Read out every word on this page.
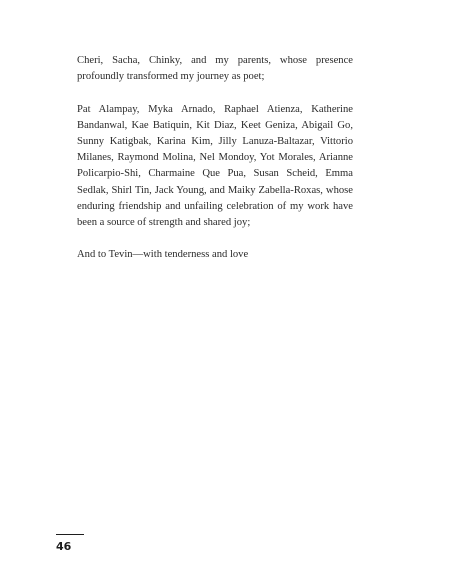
Cheri, Sacha, Chinky, and my parents, whose presence profoundly transformed my journey as poet;

Pat Alampay, Myka Arnado, Raphael Atienza, Katherine Bandanwal, Kae Batiquin, Kit Diaz, Keet Geniza, Abigail Go, Sunny Katigbak, Karina Kim, Jilly Lanuza-Baltazar, Vittorio Milanes, Raymond Molina, Nel Mondoy, Yot Morales, Arianne Policarpio-Shi, Charmaine Que Pua, Susan Scheid, Emma Sedlak, Shirl Tin, Jack Young, and Maiky Zabella-Roxas, whose enduring friendship and unfailing celebration of my work have been a source of strength and shared joy;

And to Tevin—with tenderness and love

46
